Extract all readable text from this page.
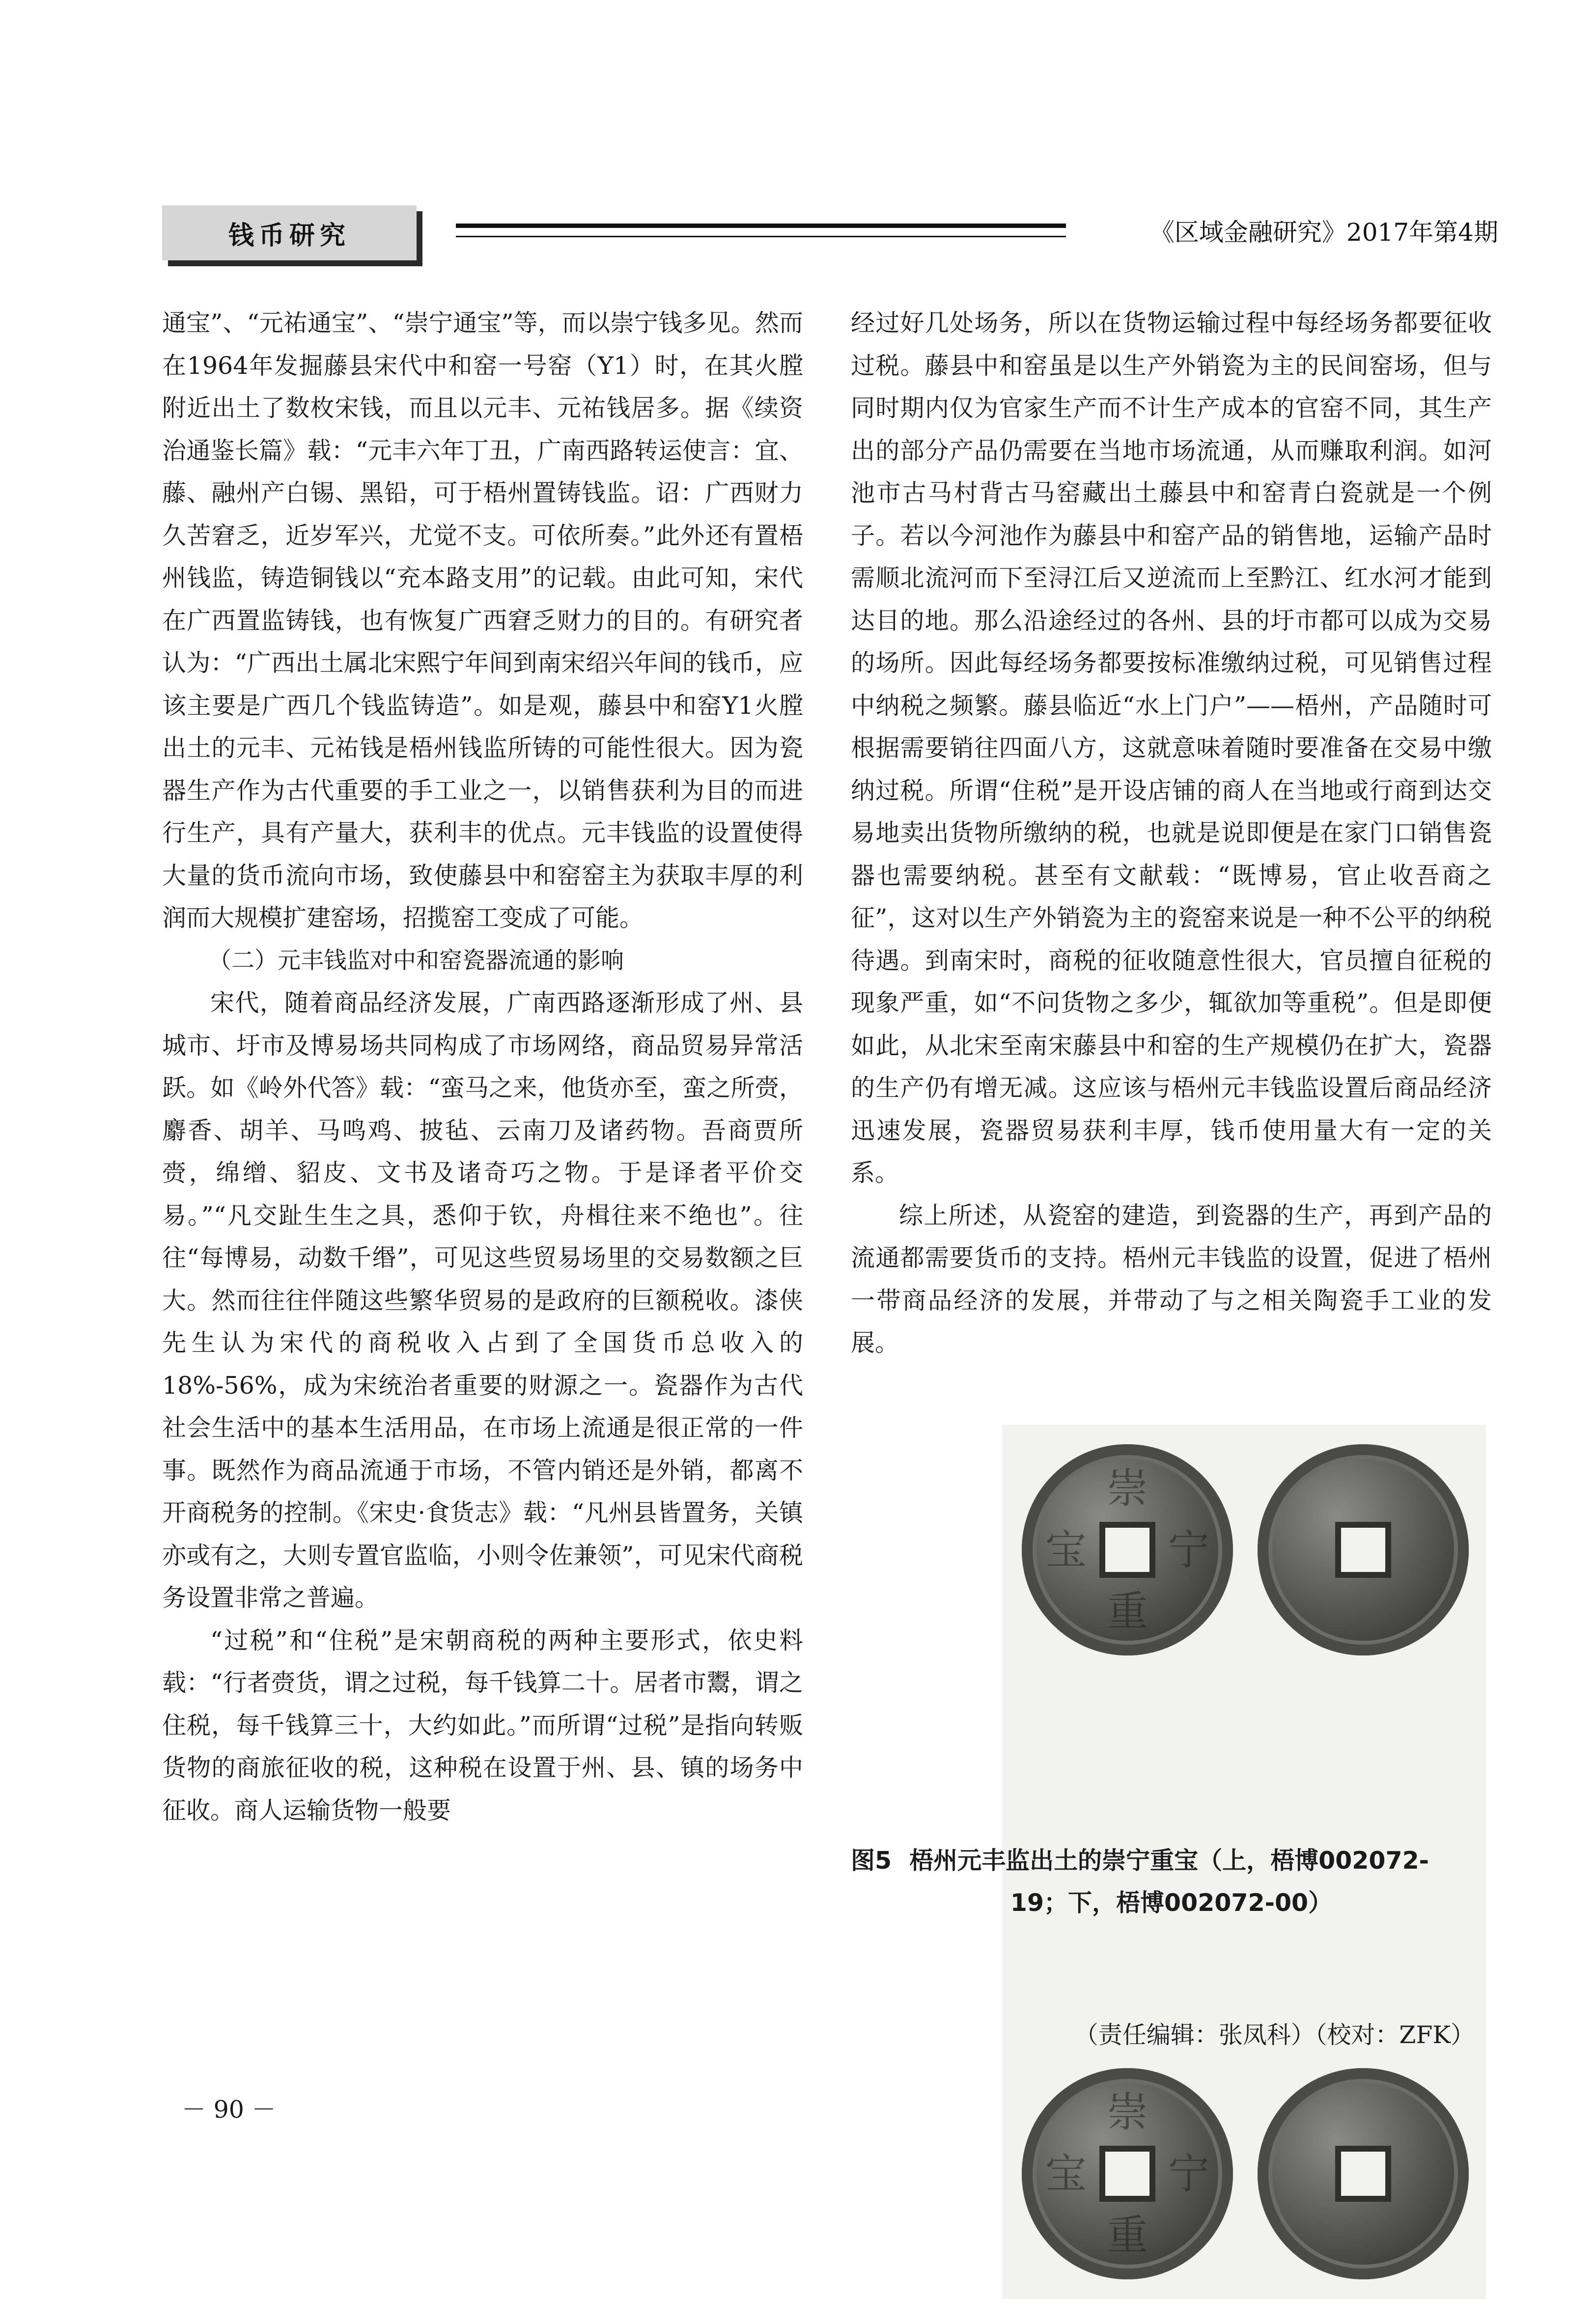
钱币研究	《区域金融研究》2017年第4期

通宝”、“元祐通宝”、“崇宁通宝”等，而以崇宁钱多见。然而在1964年发掘藤县宋代中和窑一号窑（Y1）时，在其火膛附近出土了数枚宋钱，而且以元丰、元祐钱居多。据《续资治通鉴长篇》载：“元丰六年丁丑，广南西路转运使言：宜、藤、融州产白锡、黑铅，可于梧州置铸钱监。诏：广西财力久苦窘乏，近岁军兴，尤觉不支。可依所奏。”此外还有置梧州钱监，铸造铜钱以“充本路支用”的记载。由此可知，宋代在广西置监铸钱，也有恢复广西窘乏财力的目的。有研究者认为：“广西出土属北宋熙宁年间到南宋绍兴年间的钱币，应该主要是广西几个钱监铸造”。如是观，藤县中和窑Y1火膛出土的元丰、元祐钱是梧州钱监所铸的可能性很大。因为瓷器生产作为古代重要的手工业之一，以销售获利为目的而进行生产，具有产量大，获利丰的优点。元丰钱监的设置使得大量的货币流向市场，致使藤县中和窑窑主为获取丰厚的利润而大规模扩建窑场，招揽窑工变成了可能。

（二）元丰钱监对中和窑瓷器流通的影响

宋代，随着商品经济发展，广南西路逐渐形成了州、县城市、圩市及博易场共同构成了市场网络，商品贸易异常活跃。如《岭外代答》载：“蛮马之来，他货亦至，蛮之所赍，麝香、胡羊、马鸣鸡、披毡、云南刀及诸药物。吾商贾所赍，绵缯、貂皮、文书及诸奇巧之物。于是译者平价交易。”“凡交趾生生之具，悉仰于钦，舟楫往来不绝也”。往往“每博易，动数千缗”，可见这些贸易场里的交易数额之巨大。然而往往伴随这些繁华贸易的是政府的巨额税收。漆侠先生认为宋代的商税收入占到了全国货币总收入的18%-56%，成为宋统治者重要的财源之一。瓷器作为古代社会生活中的基本生活用品，在市场上流通是很正常的一件事。既然作为商品流通于市场，不管内销还是外销，都离不开商税务的控制。《宋史·食货志》载：“凡州县皆置务，关镇亦或有之，大则专置官监临，小则令佐兼领”，可见宋代商税务设置非常之普遍。

“过税”和“住税”是宋朝商税的两种主要形式，依史料载：“行者赍货，谓之过税，每千钱算二十。居者市鬻，谓之住税，每千钱算三十，大约如此。”而所谓“过税”是指向转贩货物的商旅征收的税，这种税在设置于州、县、镇的场务中征收。商人运输货物一般要

经过好几处场务，所以在货物运输过程中每经场务都要征收过税。藤县中和窑虽是以生产外销瓷为主的民间窑场，但与同时期内仅为官家生产而不计生产成本的官窑不同，其生产出的部分产品仍需要在当地市场流通，从而赚取利润。如河池市古马村背古马窑藏出土藤县中和窑青白瓷就是一个例子。若以今河池作为藤县中和窑产品的销售地，运输产品时需顺北流河而下至浔江后又逆流而上至黔江、红水河才能到达目的地。那么沿途经过的各州、县的圩市都可以成为交易的场所。因此每经场务都要按标准缴纳过税，可见销售过程中纳税之频繁。藤县临近“水上门户”——梧州，产品随时可根据需要销往四面八方，这就意味着随时要准备在交易中缴纳过税。所谓“住税”是开设店铺的商人在当地或行商到达交易地卖出货物所缴纳的税，也就是说即便是在家门口销售瓷器也需要纳税。甚至有文献载：“既博易，官止收吾商之征”，这对以生产外销瓷为主的瓷窑来说是一种不公平的纳税待遇。到南宋时，商税的征收随意性很大，官员擅自征税的现象严重，如“不问货物之多少，辄欲加等重税”。但是即便如此，从北宋至南宋藤县中和窑的生产规模仍在扩大，瓷器的生产仍有增无减。这应该与梧州元丰钱监设置后商品经济迅速发展，瓷器贸易获利丰厚，钱币使用量大有一定的关系。

综上所述，从瓷窑的建造，到瓷器的生产，再到产品的流通都需要货币的支持。梧州元丰钱监的设置，促进了梧州一带商品经济的发展，并带动了与之相关陶瓷手工业的发展。

崇
宁
重
宝
崇
宁
重
宝
图5 梧州元丰监出土的崇宁重宝（上，梧博002072-
19；下，梧博002072-00）
（责任编辑：张凤科）（校对：ZFK）
－ 90 －
